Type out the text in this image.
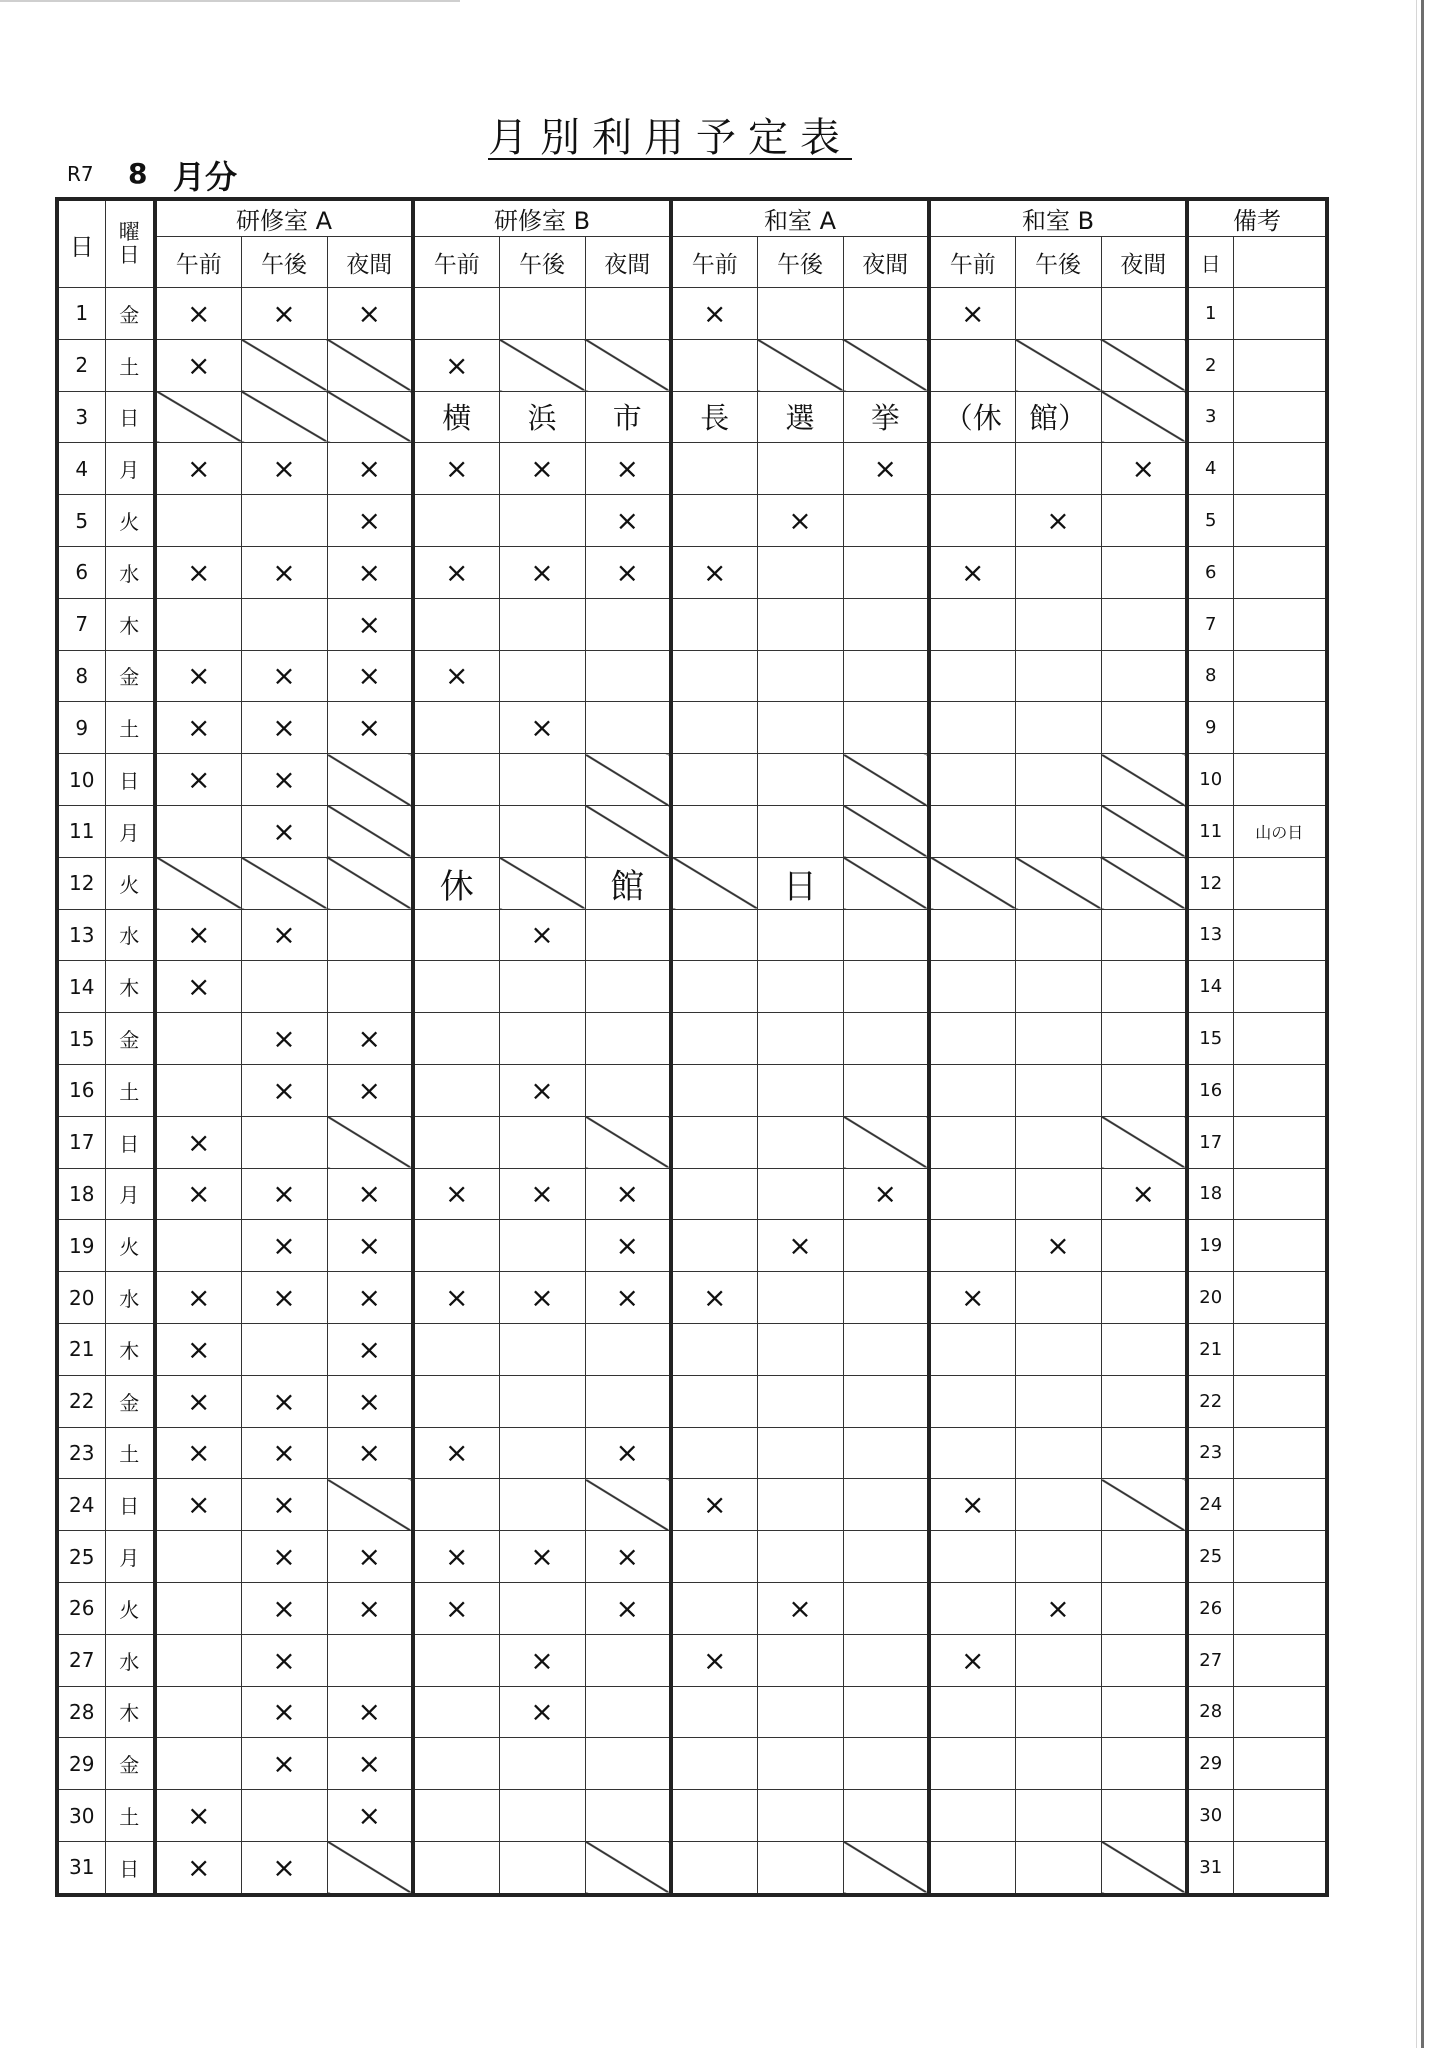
月別利用予定表
R7 8 月分
日	曜日	研修室 A			研修室 B			和室 A			和室 B			備考	
		午前	午後	夜間	午前	午後	夜間	午前	午後	夜間	午前	午後	夜間	日	
1	金	×	×	×				×			×			1	
2	土	×			×									2	
3	日				横	浜	市	長	選	挙	（休	館）		3	
4	月	×	×	×	×	×	×			×			×	4	
5	火			×			×		×			×		5	
6	水	×	×	×	×	×	×	×			×			6	
7	木			×										7	
8	金	×	×	×	×									8	
9	土	×	×	×		×								9	
10	日	×	×											10	
11	月		×											11	山の日
12	火				休		館		日					12	
13	水	×	×			×								13	
14	木	×												14	
15	金		×	×										15	
16	土		×	×		×								16	
17	日	×												17	
18	月	×	×	×	×	×	×			×			×	18	
19	火		×	×			×		×			×		19	
20	水	×	×	×	×	×	×	×			×			20	
21	木	×		×										21	
22	金	×	×	×										22	
23	土	×	×	×	×		×							23	
24	日	×	×					×			×			24	
25	月		×	×	×	×	×							25	
26	火		×	×	×		×		×			×		26	
27	水		×			×		×			×			27	
28	木		×	×		×								28	
29	金		×	×										29	
30	土	×		×										30	
31	日	×	×											31	
